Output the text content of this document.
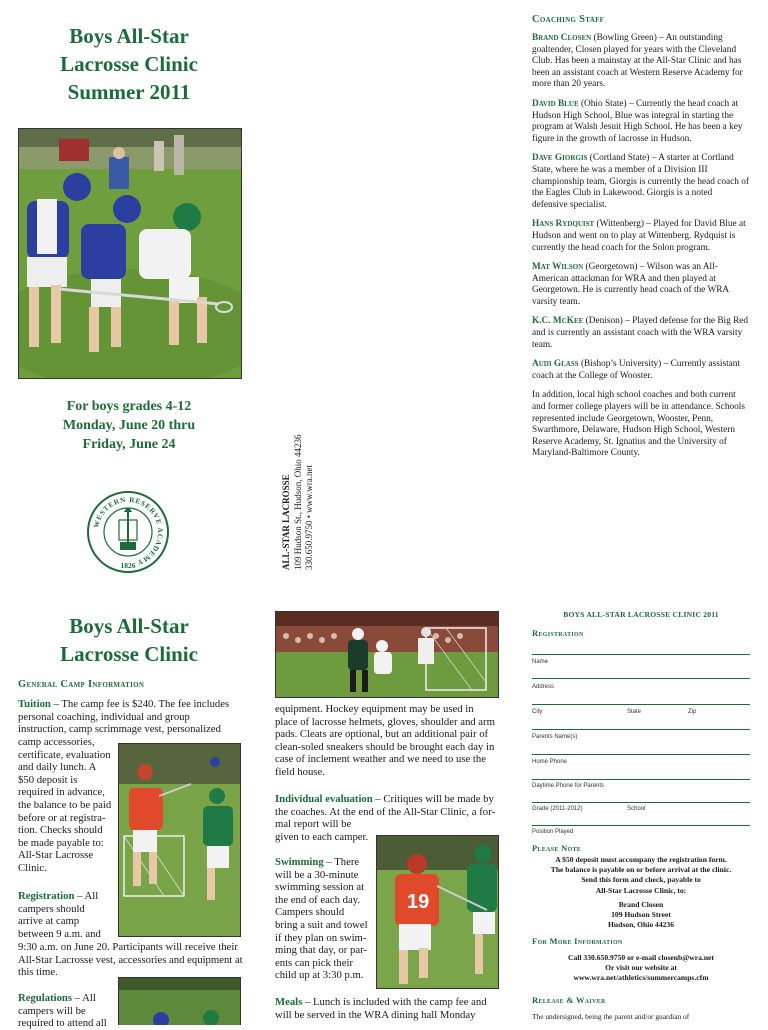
Boys All-Star
Lacrosse Clinic
Summer 2011
For boys grades 4-12
Monday, June 20 thru
Friday, June 24
WESTERN RESERVE ACADEMY
1826	ALL-STAR LACROSSE 109 Hudson St., Hudson, Ohio 44236 330.650.9750 • www.wra.net
Coaching Staff

Brand Closen (Bowling Green) – An outstanding goaltender, Closen played for years with the Cleveland Club. Has been a mainstay at the All-Star Clinic and has been an assistant coach at Western Reserve Academy for more than 20 years.

David Blue (Ohio State) – Currently the head coach at Hudson High School, Blue was integral in starting the program at Walsh Jesuit High School. He has been a key figure in the growth of lacrosse in Hudson.

Dave Giorgis (Cortland State) – A starter at Cortland State, where he was a member of a Division III championship team, Giorgis is currently the head coach of the Eagles Club in Lakewood. Giorgis is a noted defensive specialist.

Hans Rydquist (Wittenberg) – Played for David Blue at Hudson and went on to play at Wittenberg. Rydquist is currently the head coach for the Solon program.

Mat Wilson (Georgetown) – Wilson was an All-American attackman for WRA and then played at Georgetown. He is currently head coach of the WRA varsity team.

K.C. McKee (Denison) – Played defense for the Big Red and is currently an assistant coach with the WRA varsity team.

Audi Glass (Bishop’s University) – Currently assistant coach at the College of Wooster.

In addition, local high school coaches and both current and former college players will be in attendance. Schools represented include Georgetown, Wooster, Penn, Swarthmore, Delaware, Hudson High School, Western Reserve Academy, St. Ignatius and the University of Maryland-Baltimore County.

Boys All-Star
Lacrosse Clinic
General Camp Information
Tuition – The camp fee is $240. The fee includes personal coaching, individual and group instruction, camp scrimmage vest, personalized
camp accessories,
certificate, evaluation
and daily lunch. A
$50 deposit is
required in advance,
the balance to be paid
before or at registra-
tion. Checks should
be made payable to:
All-Star Lacrosse
Clinic.
Registration – All
campers should
arrive at camp
between 9 a.m. and
9:30 a.m. on June 20. Participants will receive their All-Star Lacrosse vest, accessories and equipment at this time.
Regulations – All
campers will be
required to attend all
equipment. Hockey equipment may be used in place of lacrosse helmets, gloves, shoulder and arm pads. Cleats are optional, but an additional pair of clean-soled sneakers should be brought each day in case of inclement weather and we need to use the field house.
Individual evaluation – Critiques will be made by
the coaches. At the end of the All-Star Clinic, a for-
mal report will be
given to each camper.
Swimming – There
will be a 30-minute
swimming session at
the end of each day.
Campers should
bring a suit and towel
if they plan on swim-
ming that day, or par-
ents can pick their
child up at 3:30 p.m.
19
Meals – Lunch is included with the camp fee and
will be served in the WRA dining hall Monday
BOYS ALL-STAR LACROSSE CLINIC 2011
Registration
Name
Address
City	State	Zip
Parents Name(s)
Home Phone
Daytime Phone for Parents
Grade (2011-2012)	School
Position Played
Please Note
A $50 deposit must accompany the registration form.
The balance is payable on or before arrival at the clinic.
Send this form and check, payable to
All-Star Lacrosse Clinic, to:
Brand Closen
109 Hudson Street
Hudson, Ohio 44236
For More Information
Call 330.650.9750 or e-mail closenb@wra.net
Or visit our website at
www.wra.net/athletics/summercamps.cfm
Release & Waiver
The undersigned, being the parent and/or guardian of
